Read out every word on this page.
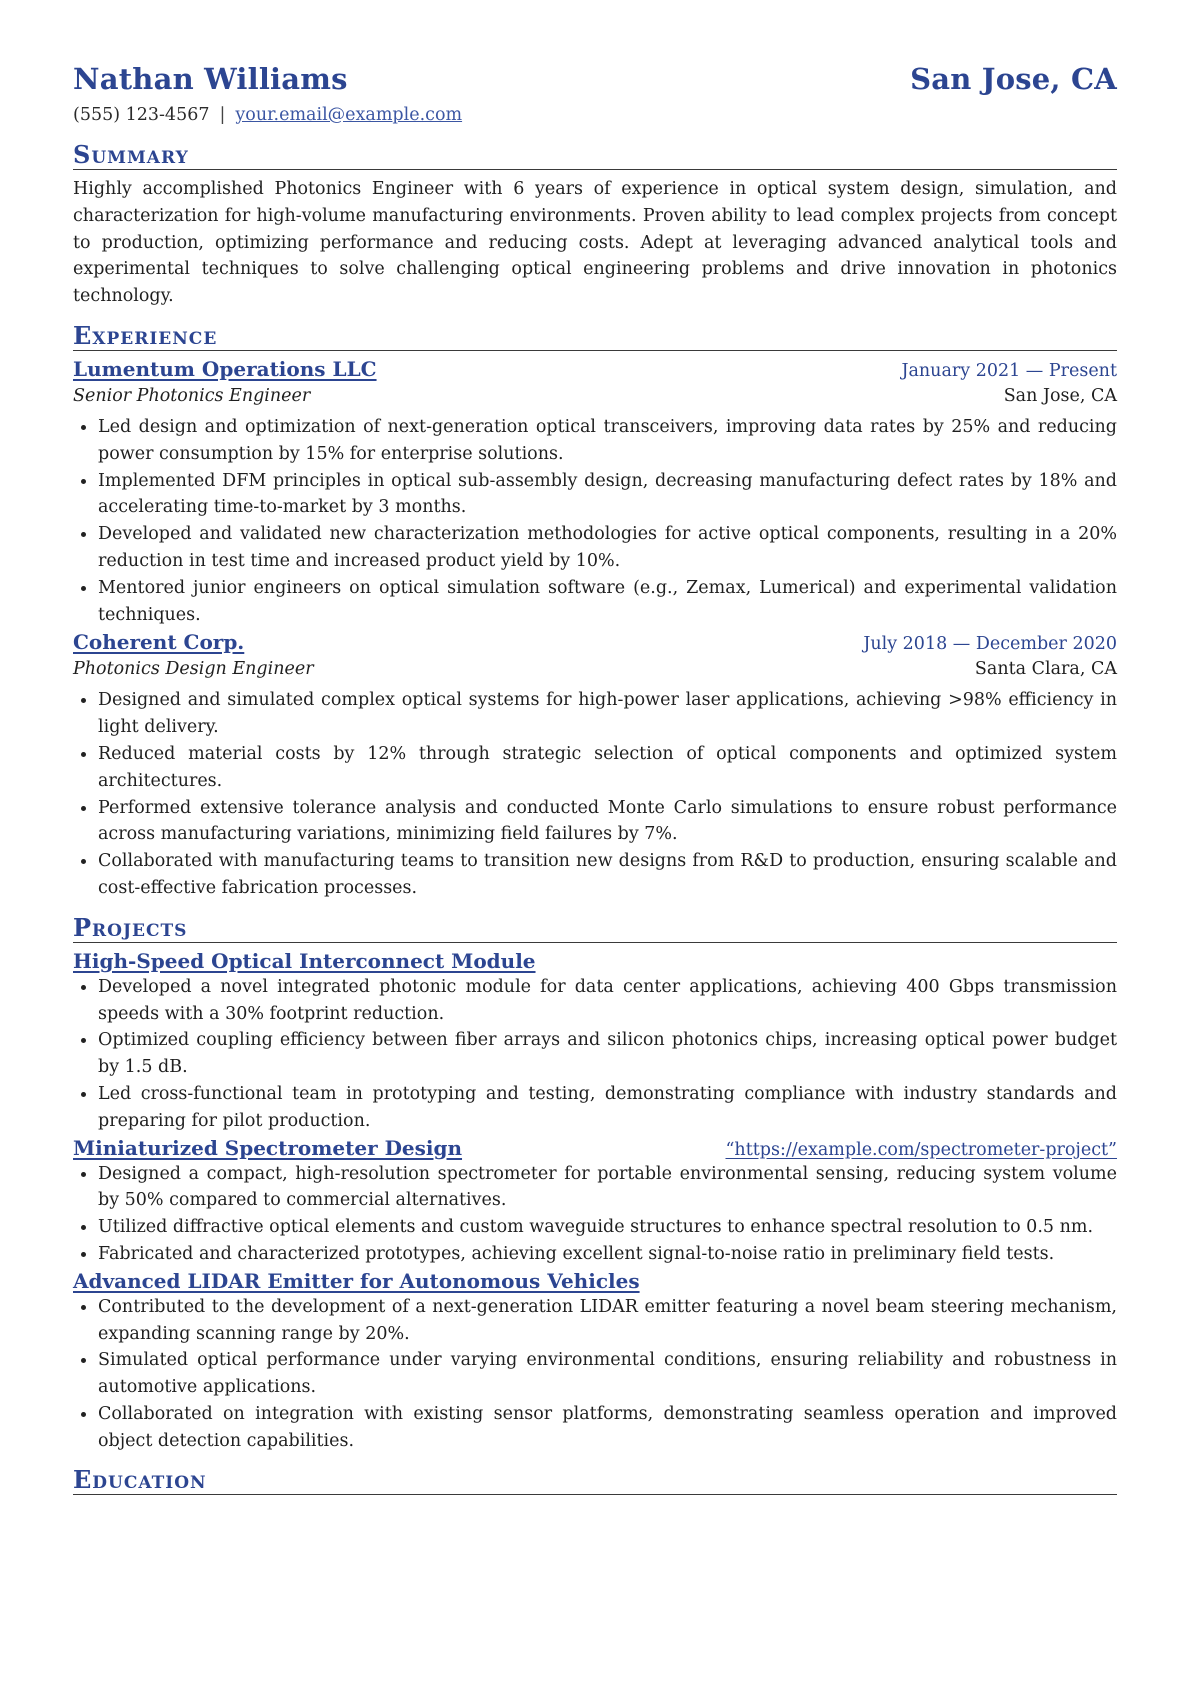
Nathan Williams	San Jose, CA
(555) 123-4567 | your.email@example.com
Summary
Highly accomplished Photonics Engineer with 6 years of experience in optical system design, simulation, and characterization for high-volume manufacturing environments. Proven ability to lead complex projects from concept to production, optimizing performance and reducing costs. Adept at leveraging advanced analytical tools and experimental techniques to solve challenging optical engineering problems and drive innovation in photonics technology.
Experience
Lumentum Operations LLC	January 2021 — Present
Senior Photonics Engineer	San Jose, CA
Led design and optimization of next-generation optical transceivers, improving data rates by 25% and reducing power consumption by 15% for enterprise solutions.
Implemented DFM principles in optical sub-assembly design, decreasing manufacturing defect rates by 18% and accelerating time-to-market by 3 months.
Developed and validated new characterization methodologies for active optical components, resulting in a 20% reduction in test time and increased product yield by 10%.
Mentored junior engineers on optical simulation software (e.g., Zemax, Lumerical) and experimental validation techniques.
Coherent Corp.	July 2018 — December 2020
Photonics Design Engineer	Santa Clara, CA
Designed and simulated complex optical systems for high-power laser applications, achieving >98% efficiency in light delivery.
Reduced material costs by 12% through strategic selection of optical components and optimized system architectures.
Performed extensive tolerance analysis and conducted Monte Carlo simulations to ensure robust performance across manufacturing variations, minimizing field failures by 7%.
Collaborated with manufacturing teams to transition new designs from R&D to production, ensuring scalable and cost-effective fabrication processes.
Projects
High-Speed Optical Interconnect Module
Developed a novel integrated photonic module for data center applications, achieving 400 Gbps transmission speeds with a 30% footprint reduction.
Optimized coupling efficiency between fiber arrays and silicon photonics chips, increasing optical power budget by 1.5 dB.
Led cross-functional team in prototyping and testing, demonstrating compliance with industry standards and preparing for pilot production.
Miniaturized Spectrometer Design	“https://example.com/spectrometer-project”
Designed a compact, high-resolution spectrometer for portable environmental sensing, reducing system volume by 50% compared to commercial alternatives.
Utilized diffractive optical elements and custom waveguide structures to enhance spectral resolution to 0.5 nm.
Fabricated and characterized prototypes, achieving excellent signal-to-noise ratio in preliminary field tests.
Advanced LIDAR Emitter for Autonomous Vehicles
Contributed to the development of a next-generation LIDAR emitter featuring a novel beam steering mechanism, expanding scanning range by 20%.
Simulated optical performance under varying environmental conditions, ensuring reliability and robustness in automotive applications.
Collaborated on integration with existing sensor platforms, demonstrating seamless operation and improved object detection capabilities.
Education
